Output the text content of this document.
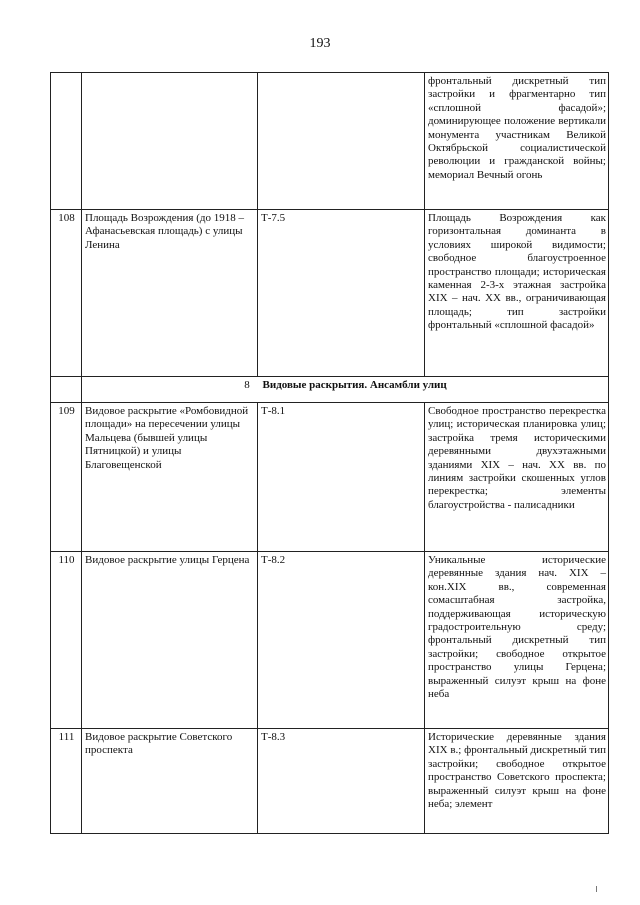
193
			фронтальный дискретный тип застройки и фрагментарно тип «сплошной фасадой»; доминирующее положение вертикали монумента участникам Великой Октябрьской социалистической революции и гражданской войны; мемориал Вечный огонь
108	Площадь Возрождения (до 1918 – Афанасьевская площадь) с улицы Ленина	Т-7.5	Площадь Возрождения как горизонтальная доминанта в условиях широкой видимости; свободное благоустроенное пространство площади; историческая каменная 2-3-х этажная застройка XIX – нач. XX вв., ограничивающая площадь; тип застройки фронтальный «сплошной фасадой»
	8 Видовые раскрытия. Ансамбли улиц		
109	Видовое раскрытие «Ромбовидной площади» на пересечении улицы Мальцева (бывшей улицы Пятницкой) и улицы Благовещенской	Т-8.1	Свободное пространство перекрестка улиц; историческая планировка улиц; застройка тремя историческими деревянными двухэтажными зданиями XIX – нач. XX вв. по линиям застройки скошенных углов перекрестка; элементы благоустройства - палисадники
110	Видовое раскрытие улицы Герцена	Т-8.2	Уникальные исторические деревянные здания нач. XIX – кон.XIX вв., современная сомасштабная застройка, поддерживающая историческую градостроительную среду; фронтальный дискретный тип застройки; свободное открытое пространство улицы Герцена; выраженный силуэт крыш на фоне неба
111	Видовое раскрытие Советского проспекта	Т-8.3	Исторические деревянные здания XIX в.; фронтальный дискретный тип застройки; свободное открытое пространство Советского проспекта; выраженный силуэт крыш на фоне неба; элемент
